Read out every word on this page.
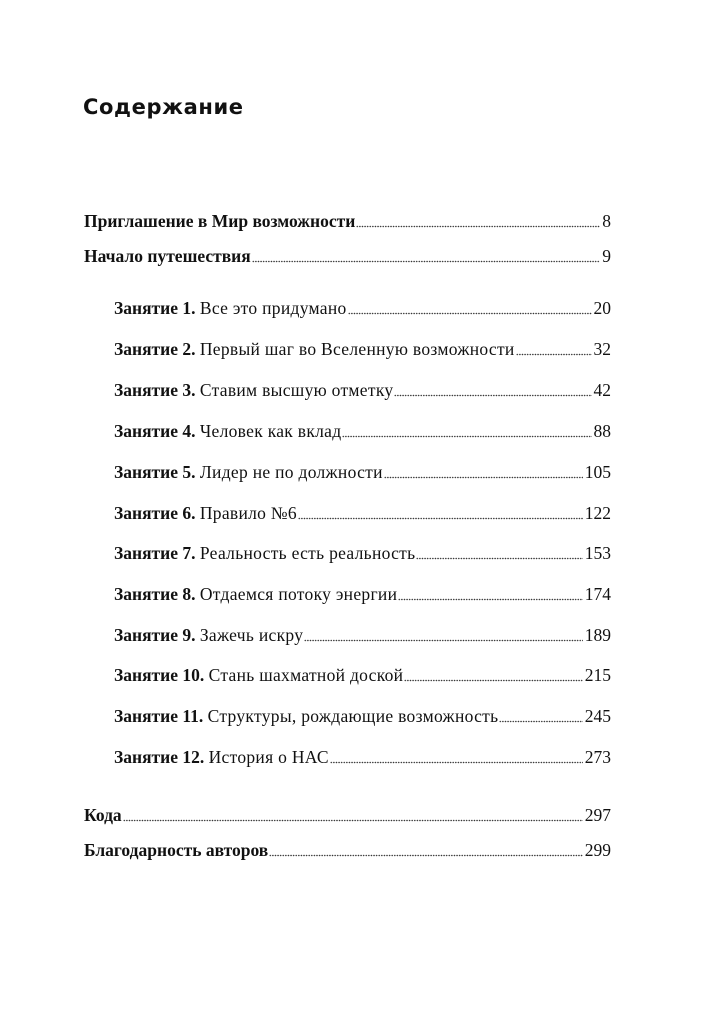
Содержание
Приглашение в Мир возможности	8
Начало путешествия	9
Занятие 1. Все это придумано	20
Занятие 2. Первый шаг во Вселенную возможности	32
Занятие 3. Ставим высшую отметку	42
Занятие 4. Человек как вклад	88
Занятие 5. Лидер не по должности	105
Занятие 6. Правило №6	122
Занятие 7. Реальность есть реальность	153
Занятие 8. Отдаемся потоку энергии	174
Занятие 9. Зажечь искру	189
Занятие 10. Стань шахматной доской	215
Занятие 11. Структуры, рождающие возможность	245
Занятие 12. История о НАС	273
Кода	297
Благодарность авторов	299
